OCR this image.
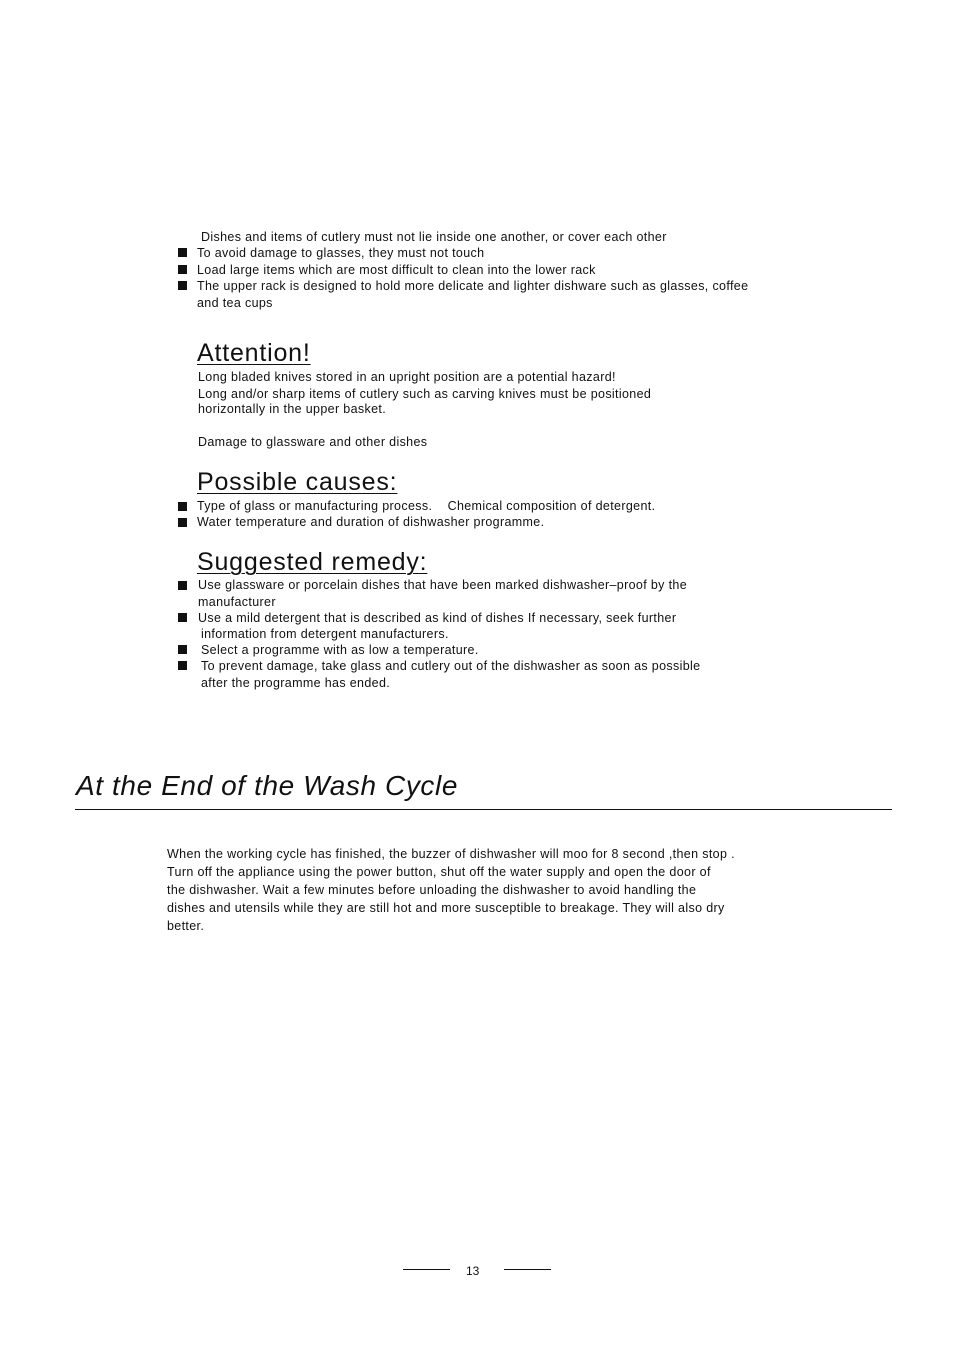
Dishes and items of cutlery must not lie inside one another, or cover each other
To avoid damage to glasses, they must not touch
Load large items which are most difficult to clean into the lower rack
The upper rack is designed to hold more delicate and lighter dishware such as glasses, coffee
and tea cups
Attention!
Long bladed knives stored in an upright position are a potential hazard!
Long and/or sharp items of cutlery such as carving knives must be positioned
horizontally in the upper basket.
Damage to glassware and other dishes
Possible causes:
Type of glass or manufacturing process.    Chemical composition of detergent.
Water temperature and duration of dishwasher programme.
Suggested remedy:
Use glassware or porcelain dishes that have been marked dishwasher–proof by the
manufacturer
Use a mild detergent that is described as kind of dishes If necessary, seek further
information from detergent manufacturers.
Select a programme with as low a temperature.
To prevent damage, take glass and cutlery out of the dishwasher as soon as possible
after the programme has ended.
At the End of the Wash Cycle
When the working cycle has finished, the buzzer of dishwasher will moo for 8 second ,then stop .
Turn off the appliance using the power button, shut off the water supply and open the door of
the dishwasher. Wait a few minutes before unloading the dishwasher to avoid handling the
dishes and utensils while they are still hot and more susceptible to breakage. They will also dry
better.
13
